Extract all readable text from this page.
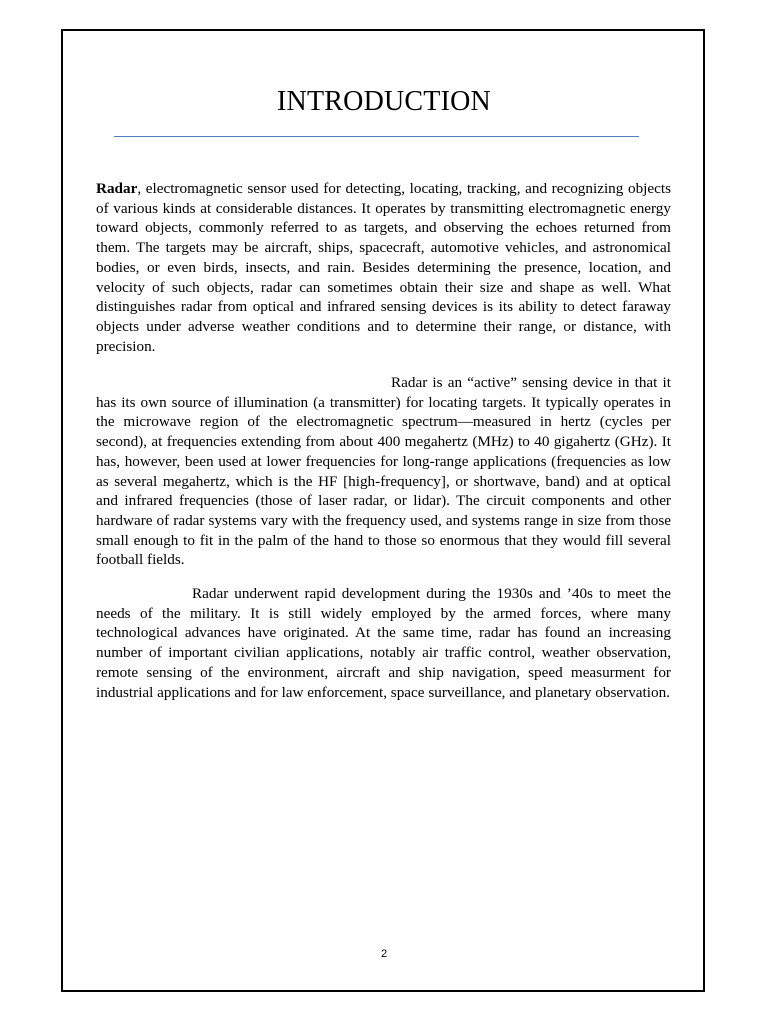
INTRODUCTION

Radar, electromagnetic sensor used for detecting, locating, tracking, and recognizing objects of various kinds at considerable distances. It operates by transmitting electromagnetic energy toward objects, commonly referred to as targets, and observing the echoes returned from them. The targets may be aircraft, ships, spacecraft, automotive vehicles, and astronomical bodies, or even birds, insects, and rain. Besides determining the presence, location, and velocity of such objects, radar can sometimes obtain their size and shape as well. What distinguishes radar from optical and infrared sensing devices is its ability to detect faraway objects under adverse weather conditions and to determine their range, or distance, with precision.

Radar is an “active” sensing device in that it has its own source of illumination (a transmitter) for locating targets. It typically operates in the microwave region of the electromagnetic spectrum—measured in hertz (cycles per second), at frequencies extending from about 400 megahertz (MHz) to 40 gigahertz (GHz). It has, however, been used at lower frequencies for long-range applications (frequencies as low as several megahertz, which is the HF [high-frequency], or shortwave, band) and at optical and infrared frequencies (those of laser radar, or lidar). The circuit components and other hardware of radar systems vary with the frequency used, and systems range in size from those small enough to fit in the palm of the hand to those so enormous that they would fill several football fields.

Radar underwent rapid development during the 1930s and ’40s to meet the needs of the military. It is still widely employed by the armed forces, where many technological advances have originated. At the same time, radar has found an increasing number of important civilian applications, notably air traffic control, weather observation, remote sensing of the environment, aircraft and ship navigation, speed measurment for industrial applications and for law enforcement, space surveillance, and planetary observation.

2
